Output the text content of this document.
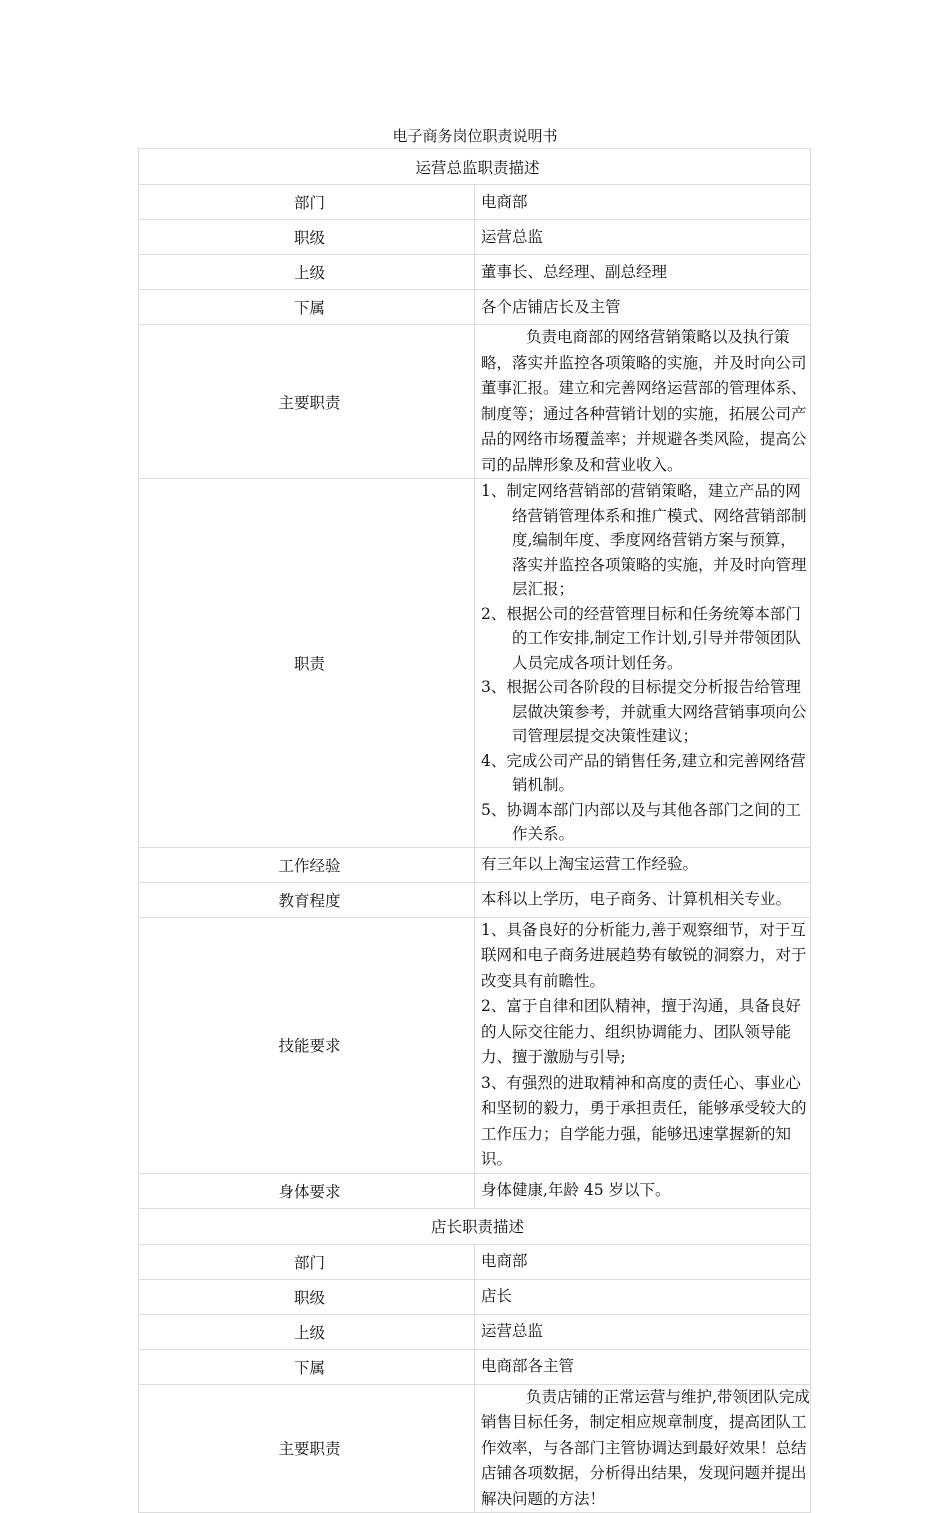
电子商务岗位职责说明书
运营总监职责描述	
部门	电商部
职级	运营总监
上级	董事长、总经理、副总经理
下属	各个店铺店长及主管
主要职责	负责电商部的网络营销策略以及执行策略，落实并监控各项策略的实施，并及时向公司董事汇报。建立和完善网络运营部的管理体系、制度等；通过各种营销计划的实施，拓展公司产品的网络市场覆盖率；并规避各类风险，提高公司的品牌形象及和营业收入。
职责	1、制定网络营销部的营销策略，建立产品的网络营销管理体系和推广模式、网络营销部制度,编制年度、季度网络营销方案与预算，落实并监控各项策略的实施，并及时向管理层汇报；
2、根据公司的经营管理目标和任务统筹本部门的工作安排,制定工作计划,引导并带领团队人员完成各项计划任务。
3、根据公司各阶段的目标提交分析报告给管理层做决策参考，并就重大网络营销事项向公司管理层提交决策性建议；
4、完成公司产品的销售任务,建立和完善网络营销机制。
5、协调本部门内部以及与其他各部门之间的工作关系。

工作经验	有三年以上淘宝运营工作经验。
教育程度	本科以上学历，电子商务、计算机相关专业。
技能要求	1、具备良好的分析能力,善于观察细节，对于互联网和电子商务进展趋势有敏锐的洞察力，对于改变具有前瞻性。
2、富于自律和团队精神，擅于沟通，具备良好的人际交往能力、组织协调能力、团队领导能力、擅于激励与引导;
3、有强烈的进取精神和高度的责任心、事业心和坚韧的毅力，勇于承担责任，能够承受较大的工作压力；自学能力强，能够迅速掌握新的知识。

身体要求	身体健康,年龄 45 岁以下。
店长职责描述	
部门	电商部
职级	店长
上级	运营总监
下属	电商部各主管
主要职责	负责店铺的正常运营与维护,带领团队完成销售目标任务，制定相应规章制度，提高团队工作效率，与各部门主管协调达到最好效果！总结店铺各项数据，分析得出结果，发现问题并提出解决问题的方法！
